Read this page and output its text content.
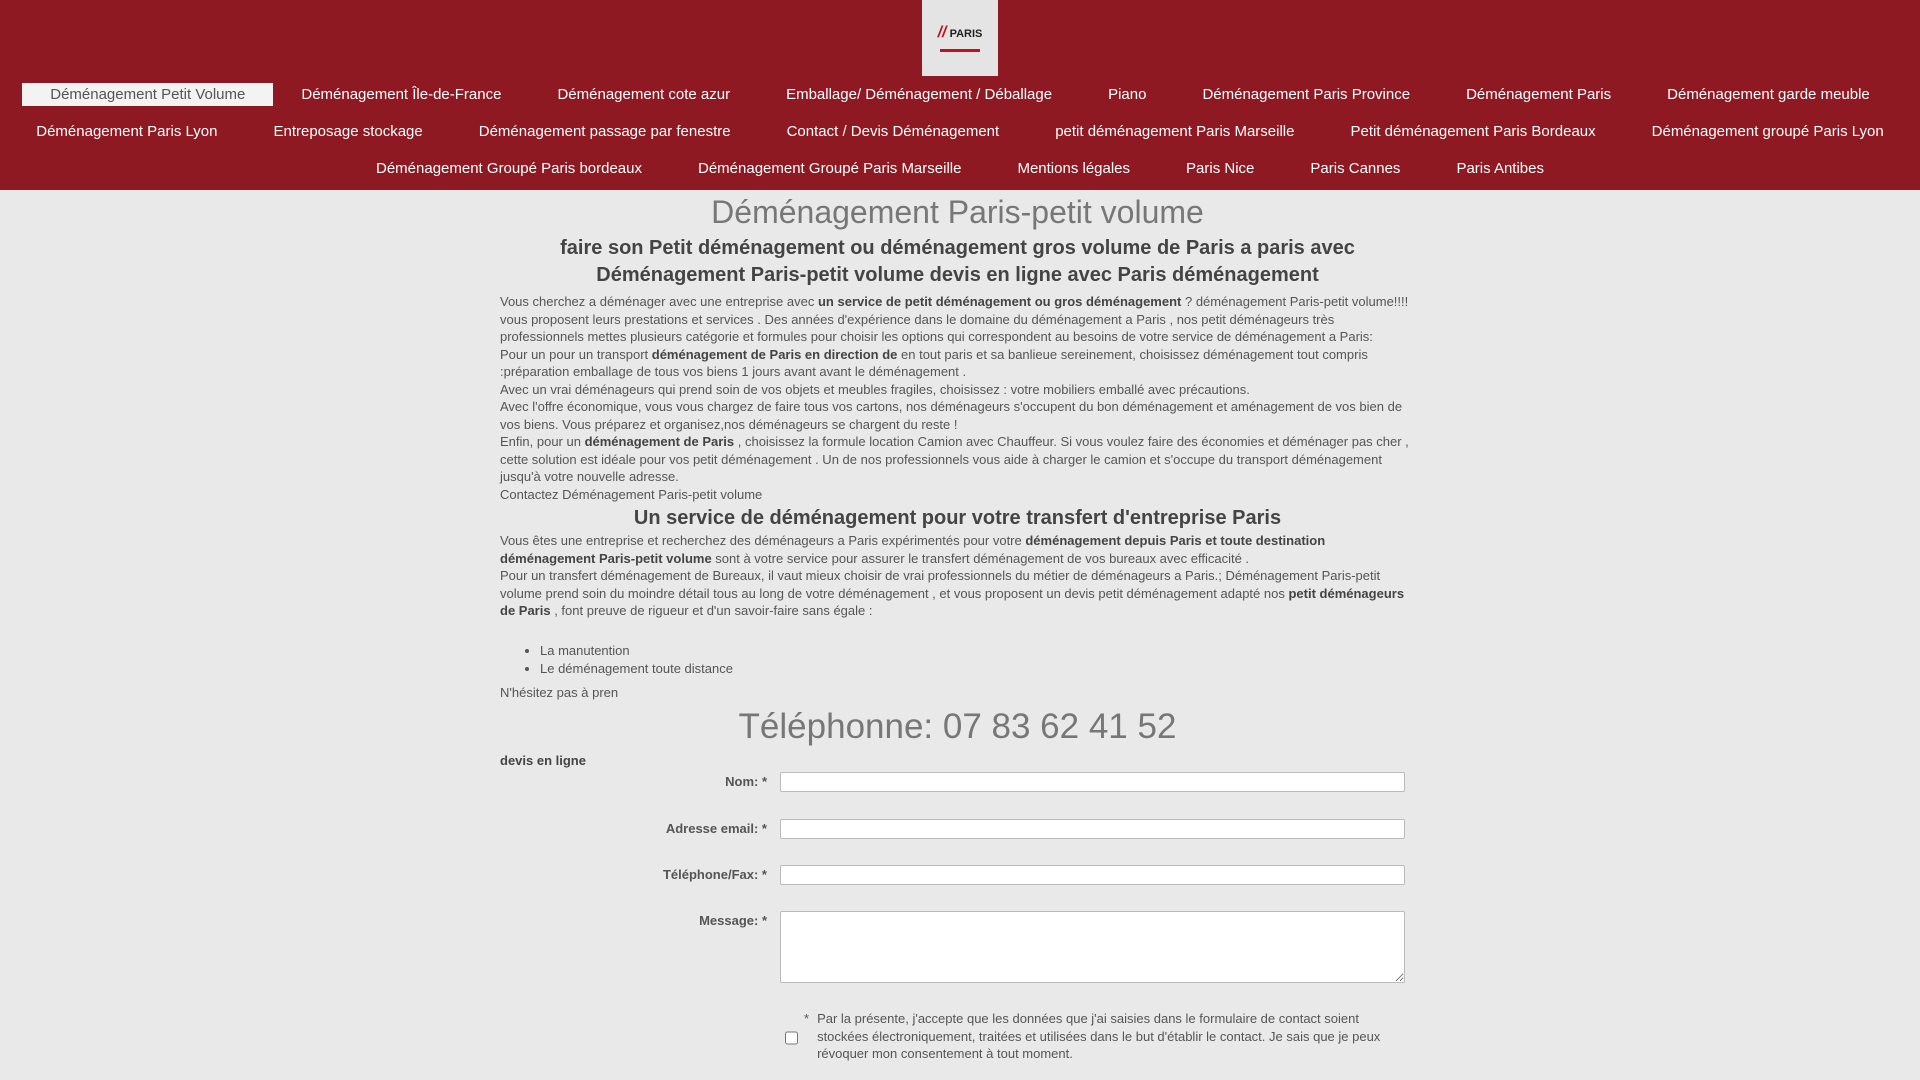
// PARIS
Déménagement Petit Volume	Déménagement Île-de-France	Déménagement cote azur	Emballage/ Déménagement / Déballage	Piano	Déménagement Paris Province	Déménagement Paris	Déménagement garde meuble
Déménagement Paris Lyon	Entreposage stockage	Déménagement passage par fenestre	Contact / Devis Déménagement	petit déménagement Paris Marseille	Petit déménagement Paris Bordeaux	Déménagement groupé Paris Lyon
Déménagement Groupé Paris bordeaux	Déménagement Groupé Paris Marseille	Mentions légales	Paris Nice	Paris Cannes	Paris Antibes
Déménagement Paris-petit volume
faire son Petit déménagement ou déménagement gros volume de Paris a paris avec
Déménagement Paris-petit volume devis en ligne avec Paris déménagement

Vous cherchez a déménager avec une entreprise avec un service de petit déménagement ou gros déménagement ? déménagement Paris-petit volume!!!! vous proposent leurs prestations et services . Des années d'expérience dans le domaine du déménagement a Paris , nos petit déménageurs très professionnels mettes plusieurs catégorie et formules pour choisir les options qui correspondent au besoins de votre service de déménagement a Paris:

Pour un pour un transport déménagement de Paris en direction de en tout paris et sa banlieue sereinement, choisissez déménagement tout compris :préparation emballage de tous vos biens 1 jours avant avant le déménagement .

Avec un vrai déménageurs qui prend soin de vos objets et meubles fragiles, choisissez : votre mobiliers emballé avec précautions.

Avec l'offre économique, vous vous chargez de faire tous vos cartons, nos déménageurs s'occupent du bon déménagement et aménagement de vos bien de vos biens. Vous préparez et organisez,nos déménageurs se chargent du reste !

Enfin, pour un déménagement de Paris , choisissez la formule location Camion avec Chauffeur. Si vous voulez faire des économies et déménager pas cher , cette solution est idéale pour vos petit déménagement . Un de nos professionnels vous aide à charger le camion et s'occupe du transport déménagement jusqu'à votre nouvelle adresse.

Contactez Déménagement Paris-petit volume

Un service de déménagement pour votre transfert d'entreprise Paris

Vous êtes une entreprise et recherchez des déménageurs a Paris expérimentés pour votre déménagement depuis Paris et toute destination déménagement Paris-petit volume sont à votre service pour assurer le transfert déménagement de vos bureaux avec efficacité .

Pour un transfert déménagement de Bureaux, il vaut mieux choisir de vrai professionnels du métier de déménageurs a Paris.; Déménagement Paris-petit volume prend soin du moindre détail tous au long de votre déménagement , et vous proposent un devis petit déménagement adapté nos petit déménageurs de Paris , font preuve de rigueur et d'un savoir-faire sans égale :

• La manutention
• Le déménagement toute distance

N'hésitez pas à pren

Téléphonne: 07 83 62 41 52
devis en ligne
Nom: *
Adresse email: *
Téléphone/Fax: *
Message: *
* Par la présente, j'accepte que les données que j'ai saisies dans le formulaire de contact soient stockées électroniquement, traitées et utilisées dans le but d'établir le contact. Je sais que je peux révoquer mon consentement à tout moment.
